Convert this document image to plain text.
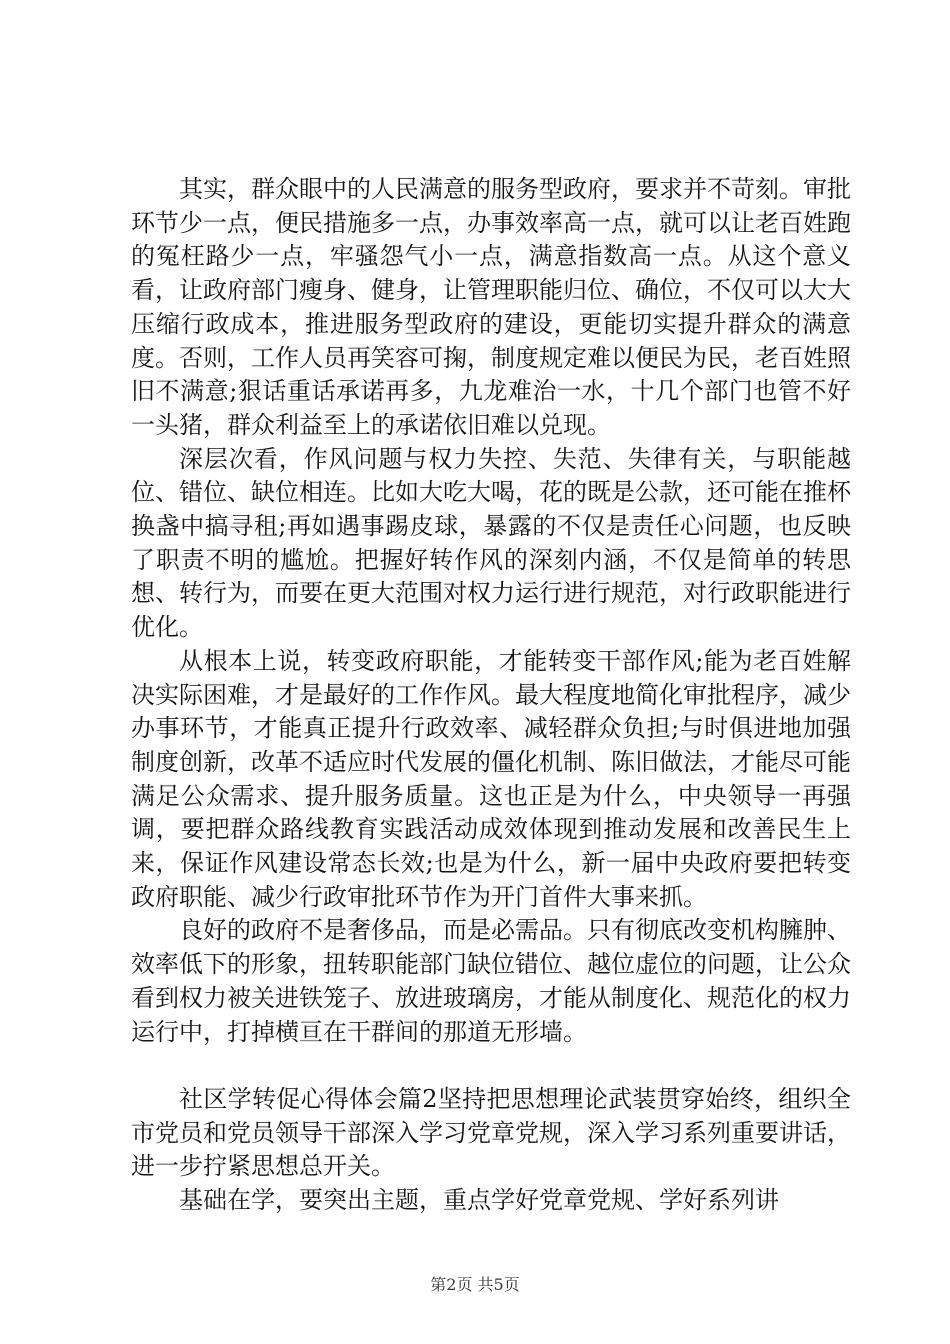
其实，群众眼中的人民满意的服务型政府，要求并不苛刻。审批环节少一点，便民措施多一点，办事效率高一点，就可以让老百姓跑的冤枉路少一点，牢骚怨气小一点，满意指数高一点。从这个意义看，让政府部门瘦身、健身，让管理职能归位、确位，不仅可以大大压缩行政成本，推进服务型政府的建设，更能切实提升群众的满意度。否则，工作人员再笑容可掬，制度规定难以便民为民，老百姓照旧不满意;狠话重话承诺再多，九龙难治一水，十几个部门也管不好一头猪，群众利益至上的承诺依旧难以兑现。

深层次看，作风问题与权力失控、失范、失律有关，与职能越位、错位、缺位相连。比如大吃大喝，花的既是公款，还可能在推杯换盏中搞寻租;再如遇事踢皮球，暴露的不仅是责任心问题，也反映了职责不明的尴尬。把握好转作风的深刻内涵，不仅是简单的转思想、转行为，而要在更大范围对权力运行进行规范，对行政职能进行优化。

从根本上说，转变政府职能，才能转变干部作风;能为老百姓解决实际困难，才是最好的工作作风。最大程度地简化审批程序，减少办事环节，才能真正提升行政效率、减轻群众负担;与时俱进地加强制度创新，改革不适应时代发展的僵化机制、陈旧做法，才能尽可能满足公众需求、提升服务质量。这也正是为什么，中央领导一再强调，要把群众路线教育实践活动成效体现到推动发展和改善民生上来，保证作风建设常态长效;也是为什么，新一届中央政府要把转变政府职能、减少行政审批环节作为开门首件大事来抓。

良好的政府不是奢侈品，而是必需品。只有彻底改变机构臃肿、效率低下的形象，扭转职能部门缺位错位、越位虚位的问题，让公众看到权力被关进铁笼子、放进玻璃房，才能从制度化、规范化的权力运行中，打掉横亘在干群间的那道无形墙。

社区学转促心得体会篇2坚持把思想理论武装贯穿始终，组织全市党员和党员领导干部深入学习党章党规，深入学习系列重要讲话，进一步拧紧思想总开关。

基础在学，要突出主题，重点学好党章党规、学好系列讲

第2页 共5页
